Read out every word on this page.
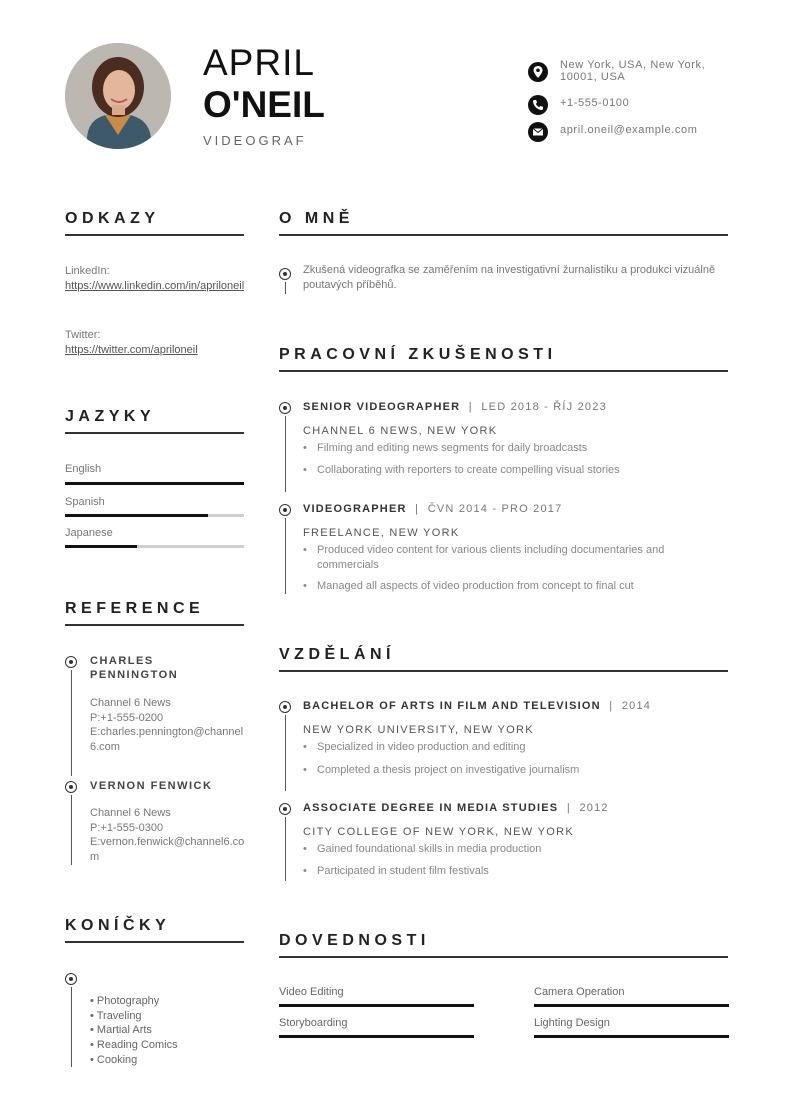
APRIL
O'NEIL
VIDEOGRAF
New York, USA, New York, 10001, USA
+1-555-0100
april.oneil@example.com
ODKAZY
LinkedIn:
https://www.linkedin.com/in/apriloneil
Twitter:
https://twitter.com/apriloneil
JAZYKY
English
Spanish
Japanese
REFERENCE
CHARLES PENNINGTON
Channel 6 News
P:+1-555-0200
E:charles.pennington@channel6.com
VERNON FENWICK
Channel 6 News
P:+1-555-0300
E:vernon.fenwick@channel6.com
KONÍČKY
• Photography
• Traveling
• Martial Arts
• Reading Comics
• Cooking
O MNĚ
Zkušená videografka se zaměřením na investigativní žurnalistiku a produkci vizuálně poutavých příběhů.
PRACOVNÍ ZKUŠENOSTI
SENIOR VIDEOGRAPHER  |  LED 2018 - ŘÍJ 2023
CHANNEL 6 NEWS, NEW YORK
• Filming and editing news segments for daily broadcasts
• Collaborating with reporters to create compelling visual stories
VIDEOGRAPHER  |  ČVN 2014 - PRO 2017
FREELANCE, NEW YORK
• Produced video content for various clients including documentaries and commercials
• Managed all aspects of video production from concept to final cut
VZDĚLÁNÍ
BACHELOR OF ARTS IN FILM AND TELEVISION  |  2014
NEW YORK UNIVERSITY, NEW YORK
• Specialized in video production and editing
• Completed a thesis project on investigative journalism
ASSOCIATE DEGREE IN MEDIA STUDIES  |  2012
CITY COLLEGE OF NEW YORK, NEW YORK
• Gained foundational skills in media production
• Participated in student film festivals
DOVEDNOSTI
Video Editing	Camera Operation
Storyboarding	Lighting Design
